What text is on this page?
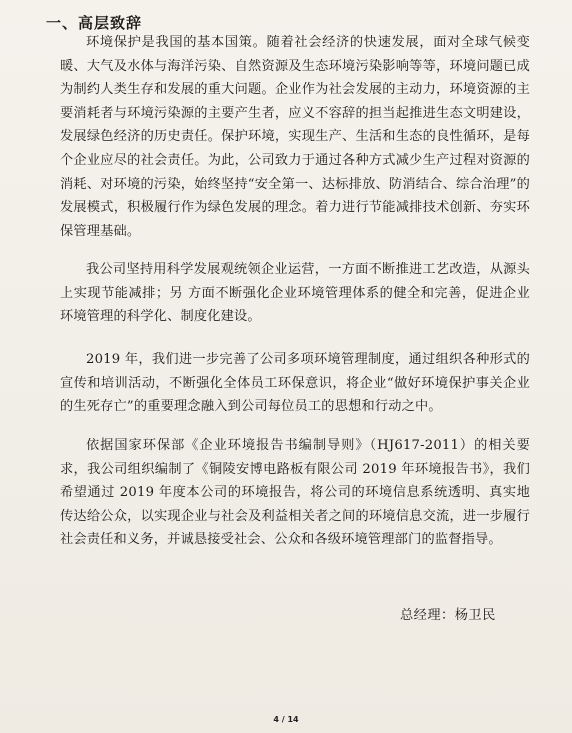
一、高层致辞

环境保护是我国的基本国策。随着社会经济的快速发展，面对全球气候变暖、大气及水体与海洋污染、自然资源及生态环境污染影响等等，环境问题已成为制约人类生存和发展的重大问题。企业作为社会发展的主动力，环境资源的主要消耗者与环境污染源的主要产生者，应义不容辞的担当起推进生态文明建设，发展绿色经济的历史责任。保护环境，实现生产、生活和生态的良性循环，是每个企业应尽的社会责任。为此，公司致力于通过各种方式减少生产过程对资源的消耗、对环境的污染，始终坚持“安全第一、达标排放、防消结合、综合治理”的发展模式，积极履行作为绿色发展的理念。着力进行节能减排技术创新、夯实环保管理基础。

我公司坚持用科学发展观统领企业运营，一方面不断推进工艺改造，从源头上实现节能减排；另 方面不断强化企业环境管理体系的健全和完善，促进企业环境管理的科学化、制度化建设。

2019 年，我们进一步完善了公司多项环境管理制度，通过组织各种形式的宣传和培训活动，不断强化全体员工环保意识，将企业“做好环境保护事关企业的生死存亡”的重要理念融入到公司每位员工的思想和行动之中。

依据国家环保部《企业环境报告书编制导则》（HJ617-2011）的相关要求，我公司组织编制了《铜陵安博电路板有限公司 2019 年环境报告书》，我们希望通过 2019 年度本公司的环境报告，将公司的环境信息系统透明、真实地传达给公众，以实现企业与社会及利益相关者之间的环境信息交流，进一步履行社会责任和义务，并诚恳接受社会、公众和各级环境管理部门的监督指导。

总经理：杨卫民
4 / 14
